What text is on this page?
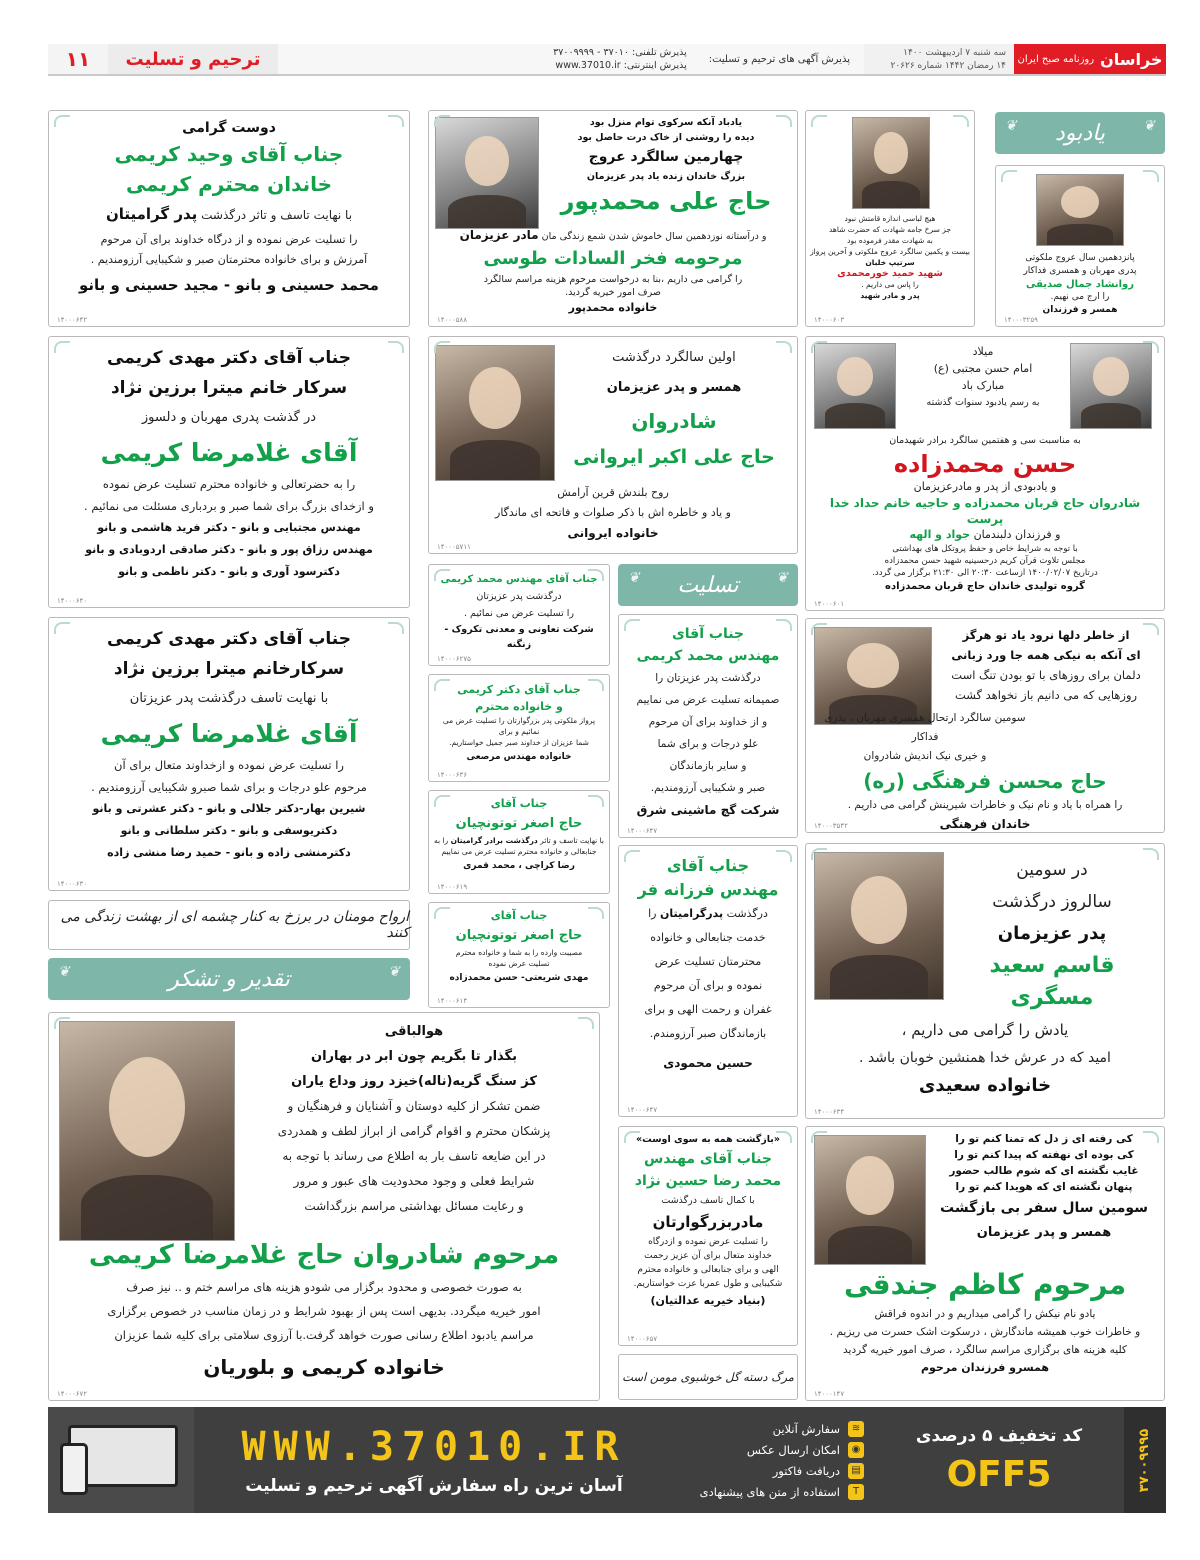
خراسان
روزنامه صبح ایران
سه شنبه ۷ اردیبهشت ۱۴۰۰
۱۴ رمضان ۱۴۴۲ شماره ۲۰۶۲۶
پذیرش آگهی های ترحیم و تسلیت:
پذیرش تلفنی: ۳۷۰۱۰ - ۳۷۰۰۹۹۹۹
پذیرش اینترنتی: www.37010.ir
ترحیم و تسلیت
۱۱
❦ یادبود ❦
پانزدهمین سال عروج ملکوتی
پدری مهربان و همسری فداکار
روانشاد جمال صدیقی
را ارج می نهیم.
همسر و فرزندان
۱۴۰۰۰۳۲۵۹
هیچ لباسی اندازه قامتش نبود
جز سرخ جامه شهادت که حضرت شاهد
به شهادت مقدر فرموده بود
بیست و یکمین سالگرد عروج ملکوتی و آخرین پرواز
سرتیپ خلبان
شهید حمید خورمحمدی
را پاس می داریم .
پدر و مادر شهید
۱۴۰۰۰۶۰۳
میلاد
امام حسن مجتبی (ع)
مبارک باد
به رسم یادبود سنوات گذشته
به مناسبت سی و هفتمین سالگرد برادر شهیدمان
حسن محمدزاده
و یادبودی از پدر و مادرعزیزمان
شادروان حاج قربان محمدزاده و حاجیه خانم حداد خدا پرست
و فرزندان دلبندمان جواد و الهه
با توجه به شرایط خاص و حفظ پروتکل های بهداشتی
مجلس تلاوت قرآن کریم درحسینیه شهید حسن محمدزاده
درتاریخ ۱۴۰۰/۰۲/۰۷ ازساعت ۲۰:۳۰ الی ۲۱:۳۰ برگزار می گردد.
گروه تولیدی خاندان حاج قربان محمدزاده
۱۴۰۰۰۶۰۱
از خاطر دلها نرود یاد تو هرگز
ای آنکه به نیکی همه جا ورد زبانی
دلمان برای روزهای با تو بودن تنگ است
روزهایی که می دانیم باز نخواهد گشت
سومین سالگرد ارتحال همسری مهربان ، پدری فداکار
و خیری نیک اندیش شادروان
حاج محسن فرهنگی (ره)
را همراه با یاد و نام نیک و خاطرات شیرینش گرامی می داریم .
خاندان فرهنگی
۱۴۰۰۰۳۵۴۲
در سومین
سالروز درگذشت
پدر عزیزمان
قاسم سعید مسگری
یادش را گرامی می داریم ،
امید که در عرش خدا همنشین خوبان باشد .
خانواده سعیدی
۱۴۰۰۰۶۳۴
کی رفته ای ز دل که تمنا کنم تو را
کی بوده ای نهفته که پیدا کنم تو را
غایب نگشته ای که شوم طالب حضور
پنهان نگشته ای که هویدا کنم تو را
سومین سال سفر بی بازگشت
همسر و پدر عزیزمان
مرحوم کاظم جندقی
یادو نام نیکش را گرامی میداریم و در اندوه فراقش
و خاطرات خوب همیشه ماندگارش ، درسکوت اشک حسرت می ریزیم .
کلیه هزینه های برگزاری مراسم سالگرد ، صرف امور خیریه گردید
همسرو فرزندان مرحوم
۱۴۰۰۰۱۴۷
یادباد آنکه سرکوی توام منزل بود
دیده را روشنی از خاک درت حاصل بود
چهارمین سالگرد عروج
بزرگ خاندان زنده یاد پدر عزیزمان
حاج علی محمدپور
و درآستانه نوزدهمین سال خاموش شدن شمع زندگی مان مادر عزیزمان
مرحومه فخر السادات طوسی
را گرامی می داریم ،بنا به درخواست مرحوم هزینه مراسم سالگرد
صرف امور خیریه گردید.
خانواده محمدپور
۱۴۰۰۰۵۸۸
اولین سالگرد درگذشت
همسر و پدر عزیزمان
شادروان
حاج علی اکبر ایروانی
روح بلندش قرین آرامش
و یاد و خاطره اش با ذکر صلوات و فاتحه ای ماندگار
خانواده ایروانی
۱۴۰۰۰۵۷۱۱
❦ تسلیت ❦
جناب آقای
مهندس محمد کریمی
درگذشت پدر عزیزتان را
صمیمانه تسلیت عرض می نماییم
و از خداوند برای آن مرحوم
علو درجات و برای شما
و سایر بازماندگان
صبر و شکیبایی آرزومندیم.
شرکت گچ ماشینی شرق
۱۴۰۰۰۶۴۷
جناب آقای
مهندس فرزانه فر
درگذشت پدرگرامیتان را
خدمت جنابعالی و خانواده
محترمتان تسلیت عرض
نموده و برای آن مرحوم
غفران و رحمت الهی و برای
بازماندگان صبر آرزومندم.
حسین محمودی
۱۴۰۰۰۶۴۷
«بازگشت همه به سوی اوست»
جناب آقای مهندس
محمد رضا حسین نژاد
با کمال تاسف درگذشت
مادربزرگوارتان
را تسلیت عرض نموده و ازدرگاه
خداوند متعال برای آن عزیز رحمت
الهی و برای جنابعالی و خانواده محترم
شکیبایی و طول عمربا عزت خواستاریم.
(بنیاد خیریه عدالتیان)
۱۴۰۰۰۶۵۷
مرگ دسته گل خوشبوی مومن است
جناب آقای مهندس محمد کریمی
درگذشت پدر عزیزتان
را تسلیت عرض می نمائیم .
شرکت تعاونی و معدنی تکروک - زنگنه
۱۴۰۰۰۶۲۷۵
جناب آقای دکتر کریمی
و خانواده محترم
پرواز ملکوتی پدر بزرگوارتان را تسلیت عرض می نمائیم و برای
شما عزیزان از خداوند صبر جمیل خواستاریم.
خانواده مهندس مرصعی
۱۴۰۰۰۶۳۶
جناب آقای
حاج اصغر توتونچیان
با نهایت تاسف و تاثر درگذشت برادر گرامیتان را به
جنابعالی و خانواده محترم تسلیت عرض می نماییم
رضا کراچی ، محمد قمری
۱۴۰۰۰۶۱۹
جناب آقای
حاج اصغر توتونچیان
مصیبت وارده را به شما و خانواده محترم
تسلیت عرض نموده
مهدی شریعتی- حسن محمدزاده
۱۴۰۰۰۶۱۴
دوست گرامی
جناب آقای وحید کریمی
خاندان محترم کریمی
با نهایت تاسف و تاثر درگذشت پدر گرامیتان
را تسلیت عرض نموده و از درگاه خداوند برای آن مرحوم
آمرزش و برای خانواده محترمتان صبر و شکیبایی آرزومندیم .
محمد حسینی و بانو - مجید حسینی و بانو
۱۴۰۰۰۶۴۲
جناب آقای دکتر مهدی کریمی
سرکار خانم میترا برزین نژاد
در گذشت پدری مهربان و دلسوز
آقای غلامرضا کریمی
را به حضرتعالی و خانواده محترم تسلیت عرض نموده
و ازخدای بزرگ برای شما صبر و بردباری مسئلت می نمائیم .
مهندس مجتبایی و بانو - دکتر فرید هاشمی و بانو
مهندس رزاق پور و بانو - دکتر صادقی اردوبادی و بانو
دکترسود آوری و بانو - دکتر ناظمی و بانو
۱۴۰۰۰۶۴۰
جناب آقای دکتر مهدی کریمی
سرکارخانم میترا برزین نژاد
با نهایت تاسف درگذشت پدر عزیزتان
آقای غلامرضا کریمی
را تسلیت عرض نموده و ازخداوند متعال برای آن
مرحوم علو درجات و برای شما صبرو شکیبایی آرزومندیم .
شیرین بهار-دکتر جلالی و بانو - دکتر عشرتی و بانو
دکتریوسفی و بانو - دکتر سلطانی و بانو
دکترمنشی زاده و بانو - حمید رضا منشی زاده
۱۴۰۰۰۶۳۰
ارواح مومنان در برزخ به کنار چشمه ای از بهشت زندگی می کنند
❦ تقدیر و تشکر ❦
هوالباقی
بگذار تا بگریم چون ابر در بهاران
کز سنگ گریه(ناله)خیزد روز وداع یاران
ضمن تشکر از کلیه دوستان و آشنایان و فرهنگیان و
پزشکان محترم و اقوام گرامی از ابراز لطف و همدردی
در این ضایعه تاسف بار به اطلاع می رساند با توجه به
شرایط فعلی و وجود محدودیت های عبور و مرور
و رعایت مسائل بهداشتی مراسم بزرگداشت
مرحوم شادروان حاج غلامرضا کریمی
به صورت خصوصی و محدود برگزار می شودو هزینه های مراسم ختم و .. نیز صرف
امور خیریه میگردد. بدیهی است پس از بهبود شرایط و در زمان مناسب در خصوص برگزاری
مراسم یادبود اطلاع رسانی صورت خواهد گرفت.با آرزوی سلامتی برای کلیه شما عزیزان
خانواده کریمی و بلوریان
۱۴۰۰۰۶۷۲
۳۷۰۰۹۹۹۵
کد تخفیف ۵ درصدی
OFF5
≋
سفارش آنلاین
◉
امکان ارسال عکس
▤
دریافت فاکتور
T
استفاده از متن های پیشنهادی
WWW.37010.IR
آسان ترین راه سفارش آگهی ترحیم و تسلیت
